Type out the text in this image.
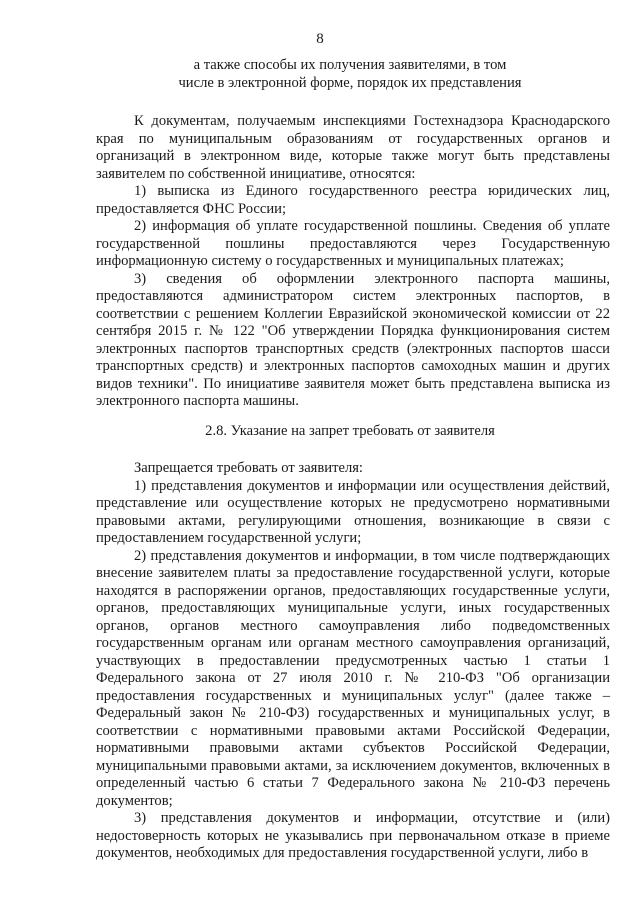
8
а также способы их получения заявителями, в том
числе в электронной форме, порядок их представления

К документам, получаемым инспекциями Гостехнадзора Краснодарского края по муниципальным образованиям от государственных органов и организаций в электронном виде, которые также могут быть представлены заявителем по собственной инициативе, относятся:

1) выписка из Единого государственного реестра юридических лиц, предоставляется ФНС России;

2) информация об уплате государственной пошлины. Сведения об уплате государственной пошлины предоставляются через Государственную информационную систему о государственных и муниципальных платежах;

3) сведения об оформлении электронного паспорта машины, предоставляются администратором систем электронных паспортов, в соответствии с решением Коллегии Евразийской экономической комиссии от 22 сентября 2015 г. № 122 "Об утверждении Порядка функционирования систем электронных паспортов транспортных средств (электронных паспортов шасси транспортных средств) и электронных паспортов самоходных машин и других видов техники". По инициативе заявителя может быть представлена выписка из электронного паспорта машины.

2.8. Указание на запрет требовать от заявителя

Запрещается требовать от заявителя:

1) представления документов и информации или осуществления действий, представление или осуществление которых не предусмотрено нормативными правовыми актами, регулирующими отношения, возникающие в связи с предоставлением государственной услуги;

2) представления документов и информации, в том числе подтверждающих внесение заявителем платы за предоставление государственной услуги, которые находятся в распоряжении органов, предоставляющих государственные услуги, органов, предоставляющих муниципальные услуги, иных государственных органов, органов местного самоуправления либо подведомственных государственным органам или органам местного самоуправления организаций, участвующих в предоставлении предусмотренных частью 1 статьи 1 Федерального закона от 27 июля 2010 г. № 210-ФЗ "Об организации предоставления государственных и муниципальных услуг" (далее также – Федеральный закон № 210-ФЗ) государственных и муниципальных услуг, в соответствии с нормативными правовыми актами Российской Федерации, нормативными правовыми актами субъектов Российской Федерации, муниципальными правовыми актами, за исключением документов, включенных в определенный частью 6 статьи 7 Федерального закона № 210-ФЗ перечень документов;

3) представления документов и информации, отсутствие и (или) недостоверность которых не указывались при первоначальном отказе в приеме документов, необходимых для предоставления государственной услуги, либо в
